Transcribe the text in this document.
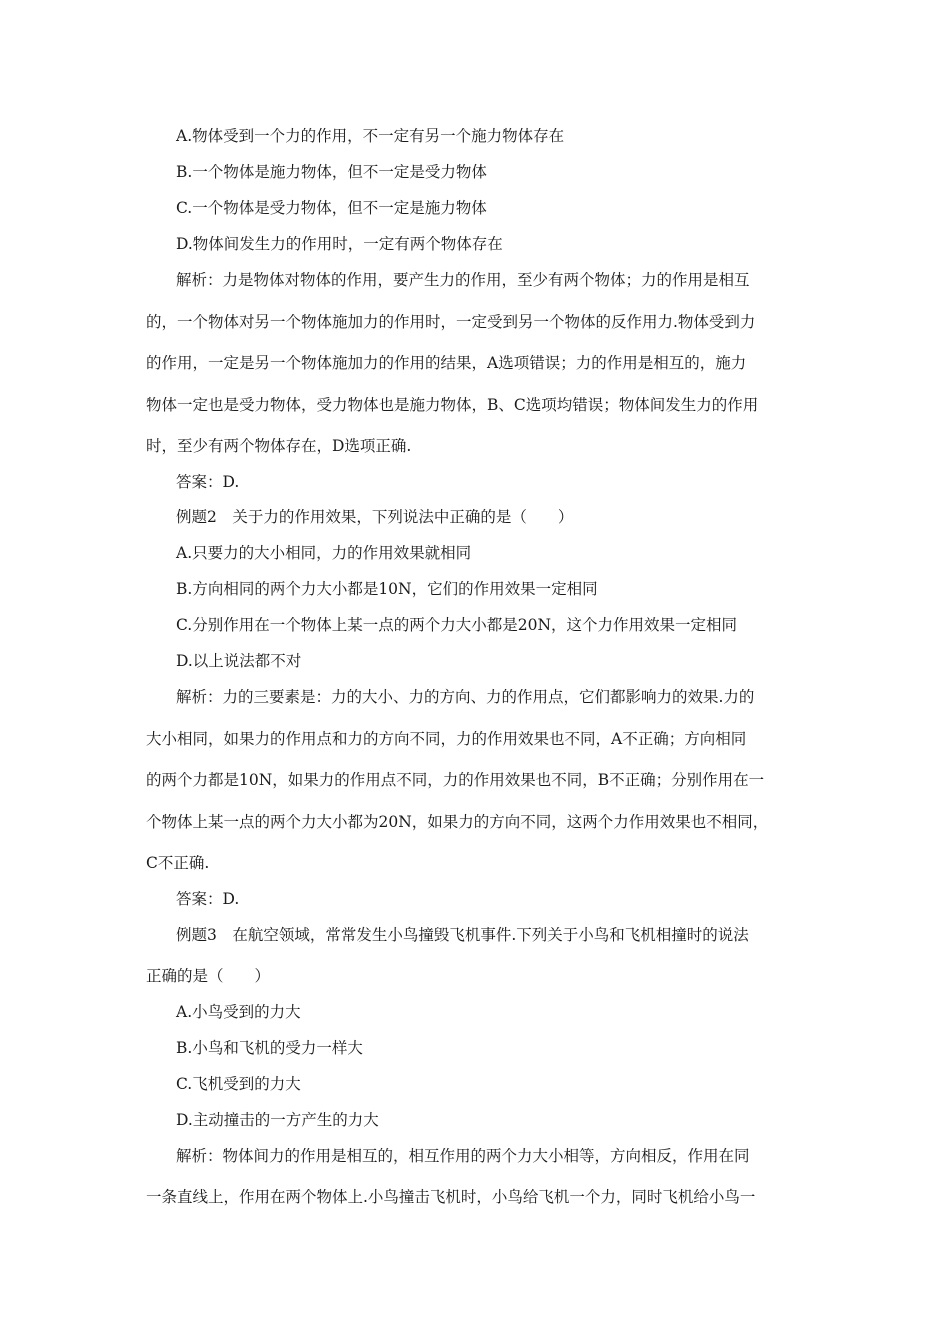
A.物体受到一个力的作用，不一定有另一个施力物体存在
B.一个物体是施力物体，但不一定是受力物体
C.一个物体是受力物体，但不一定是施力物体
D.物体间发生力的作用时，一定有两个物体存在
解析：力是物体对物体的作用，要产生力的作用，至少有两个物体；力的作用是相互
的，一个物体对另一个物体施加力的作用时，一定受到另一个物体的反作用力.物体受到力
的作用，一定是另一个物体施加力的作用的结果，A选项错误；力的作用是相互的，施力
物体一定也是受力物体，受力物体也是施力物体，B、C选项均错误；物体间发生力的作用
时，至少有两个物体存在，D选项正确.
答案：D.
例题2　关于力的作用效果，下列说法中正确的是（　　）
A.只要力的大小相同，力的作用效果就相同
B.方向相同的两个力大小都是10N，它们的作用效果一定相同
C.分别作用在一个物体上某一点的两个力大小都是20N，这个力作用效果一定相同
D.以上说法都不对
解析：力的三要素是：力的大小、力的方向、力的作用点，它们都影响力的效果.力的
大小相同，如果力的作用点和力的方向不同，力的作用效果也不同，A不正确；方向相同
的两个力都是10N，如果力的作用点不同，力的作用效果也不同，B不正确；分别作用在一
个物体上某一点的两个力大小都为20N，如果力的方向不同，这两个力作用效果也不相同，
C不正确.
答案：D.
例题3　在航空领域，常常发生小鸟撞毁飞机事件.下列关于小鸟和飞机相撞时的说法
正确的是（　　）
A.小鸟受到的力大
B.小鸟和飞机的受力一样大
C.飞机受到的力大
D.主动撞击的一方产生的力大
解析：物体间力的作用是相互的，相互作用的两个力大小相等，方向相反，作用在同
一条直线上，作用在两个物体上.小鸟撞击飞机时，小鸟给飞机一个力，同时飞机给小鸟一
